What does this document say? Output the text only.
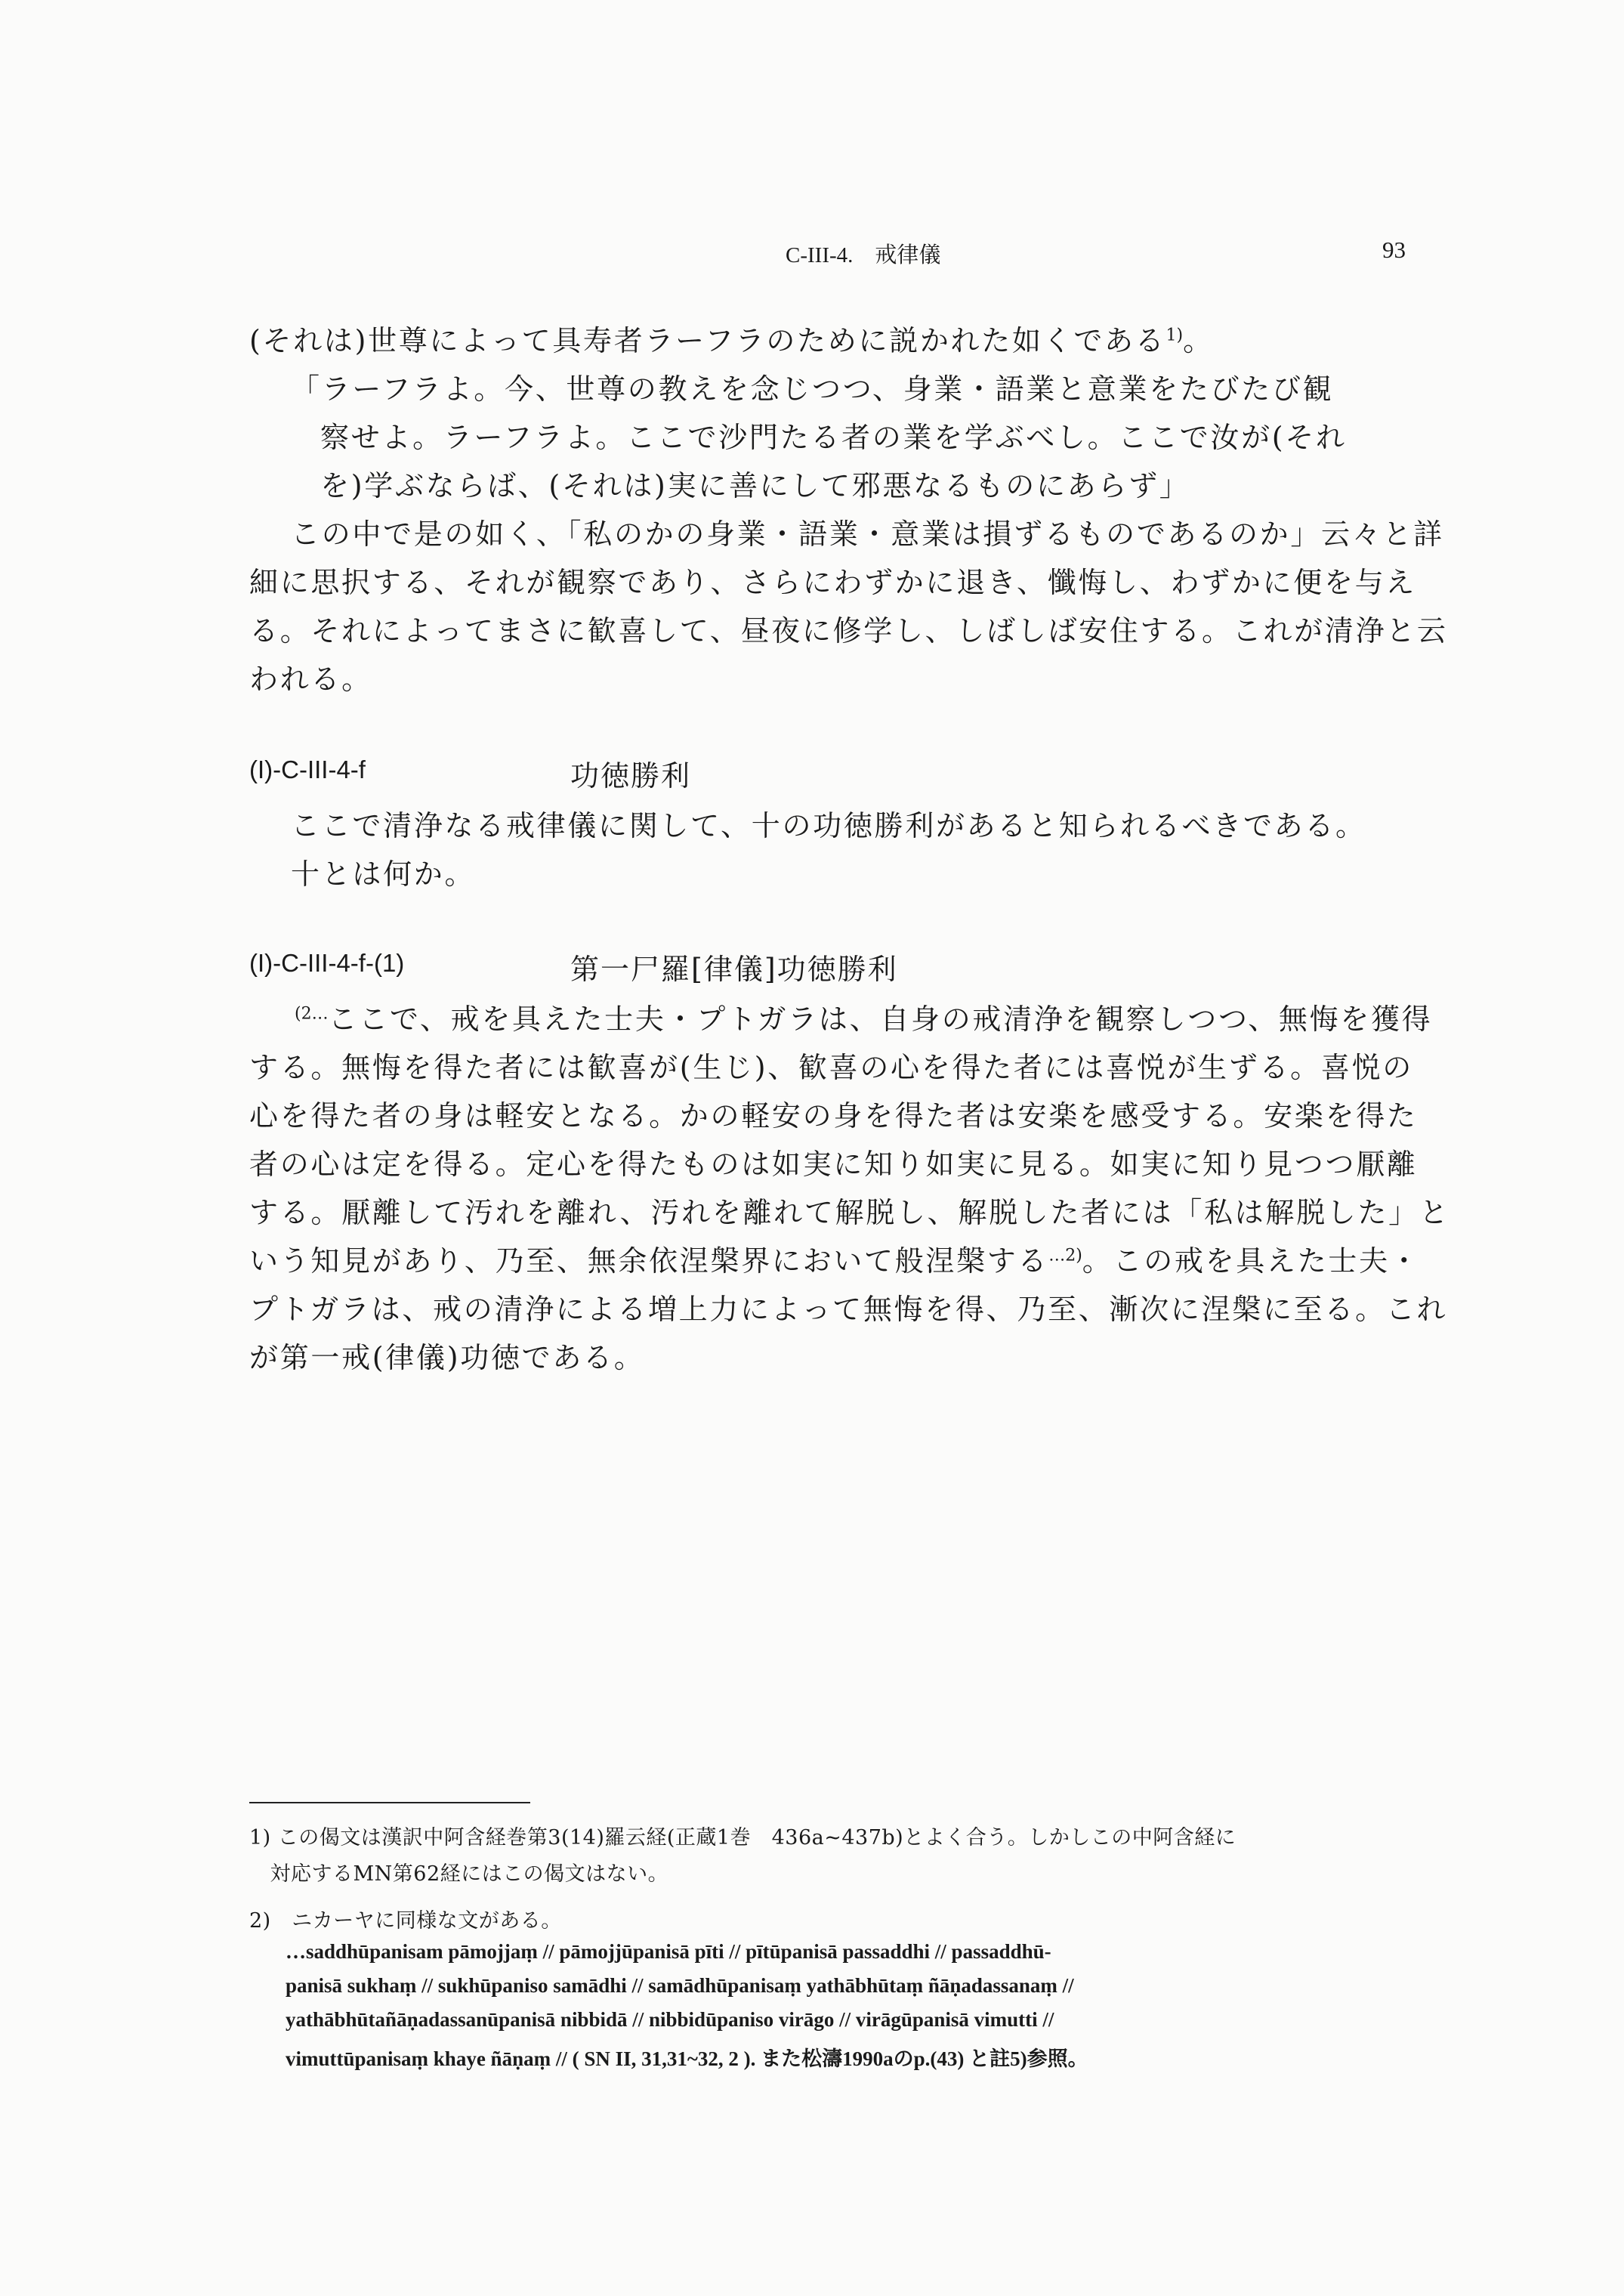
C-III-4.　戒律儀	93
(それは)世尊によって具寿者ラーフラのために説かれた如くである$^{1)}$。
「ラーフラよ。今、世尊の教えを念じつつ、身業・語業と意業をたびたび観
察せよ。ラーフラよ。ここで沙門たる者の業を学ぶべし。ここで汝が(それ
を)学ぶならば、(それは)実に善にして邪悪なるものにあらず」
この中で是の如く、「私のかの身業・語業・意業は損ずるものであるのか」云々と詳
細に思択する、それが観察であり、さらにわずかに退き、懺悔し、わずかに便を与え
る。それによってまさに歓喜して、昼夜に修学し、しばしば安住する。これが清浄と云
われる。
(I)-C-III-4-f	功徳勝利
ここで清浄なる戒律儀に関して、十の功徳勝利があると知られるべきである。
十とは何か。
(I)-C-III-4-f-(1)	第一尸羅[律儀]功徳勝利
$^{(2\dots}$ここで、戒を具えた士夫・プトガラは、自身の戒清浄を観察しつつ、無悔を獲得
する。無悔を得た者には歓喜が(生じ)、歓喜の心を得た者には喜悦が生ずる。喜悦の
心を得た者の身は軽安となる。かの軽安の身を得た者は安楽を感受する。安楽を得た
者の心は定を得る。定心を得たものは如実に知り如実に見る。如実に知り見つつ厭離
する。厭離して汚れを離れ、汚れを離れて解脱し、解脱した者には「私は解脱した」と
いう知見があり、乃至、無余依涅槃界において般涅槃する$^{\dots 2)}$。この戒を具えた士夫・
プトガラは、戒の清浄による増上力によって無悔を得、乃至、漸次に涅槃に至る。これ
が第一戒(律儀)功徳である。
1) この偈文は漢訳中阿含経巻第3(14)羅云経(正蔵1巻　436a~437b)とよく合う。しかしこの中阿含経に
　対応するMN第62経にはこの偈文はない。
2)　ニカーヤに同様な文がある。
…saddhūpanisam pāmojjaṃ // pāmojjūpanisā pīti // pītūpanisā passaddhi // passaddhū-
panisā sukhaṃ // sukhūpaniso samādhi // samādhūpanisaṃ yathābhūtaṃ ñāṇadassanaṃ //
yathābhūtañāṇadassanūpanisā nibbidā // nibbidūpaniso virāgo // virāgūpanisā vimutti //
vimuttūpanisaṃ khaye ñāṇaṃ // ( SN II, 31,31~32, 2 ). また松濤1990aのp.(43) と註5)参照。
